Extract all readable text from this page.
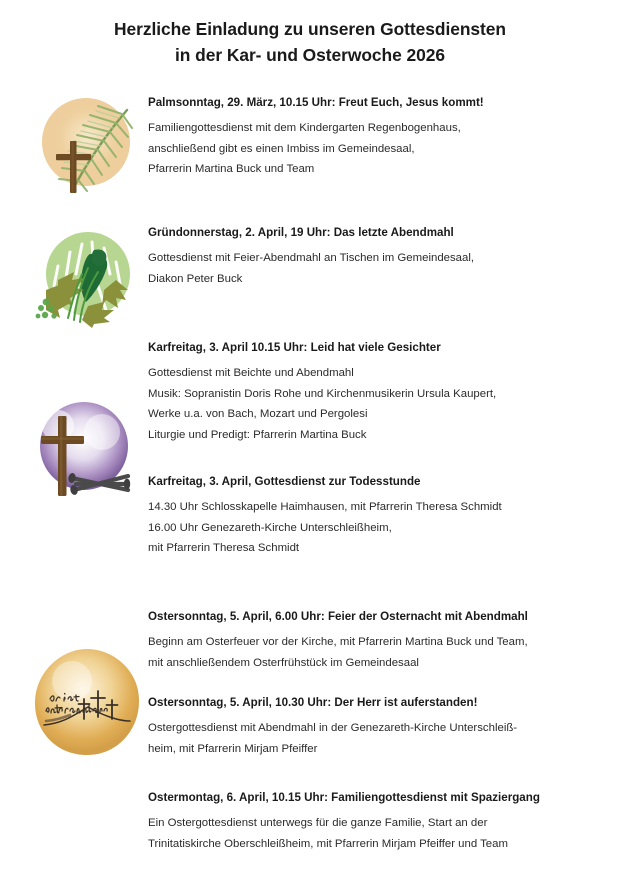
Herzliche Einladung zu unseren Gottesdiensten
in der Kar- und Osterwoche 2026

Palmsonntag, 29. März, 10.15 Uhr: Freut Euch, Jesus kommt!

Familiengottesdienst mit dem Kindergarten Regenbogenhaus,
anschließend gibt es einen Imbiss im Gemeindesaal,
Pfarrerin Martina Buck und Team

Gründonnerstag, 2. April, 19 Uhr: Das letzte Abendmahl

Gottesdienst mit Feier-Abendmahl an Tischen im Gemeindesaal,
Diakon Peter Buck

Karfreitag, 3. April 10.15 Uhr: Leid hat viele Gesichter

Gottesdienst mit Beichte und Abendmahl
Musik: Sopranistin Doris Rohe und Kirchenmusikerin Ursula Kaupert,
Werke u.a. von Bach, Mozart und Pergolesi
Liturgie und Predigt: Pfarrerin Martina Buck

Karfreitag, 3. April, Gottesdienst zur Todesstunde

14.30 Uhr Schlosskapelle Haimhausen, mit Pfarrerin Theresa Schmidt
16.00 Uhr Genezareth-Kirche Unterschleißheim,
mit Pfarrerin Theresa Schmidt

Ostersonntag, 5. April, 6.00 Uhr: Feier der Osternacht mit Abendmahl

Beginn am Osterfeuer vor der Kirche, mit Pfarrerin Martina Buck und Team,
mit anschließendem Osterfrühstück im Gemeindesaal

Ostersonntag, 5. April, 10.30 Uhr: Der Herr ist auferstanden!

Ostergottesdienst mit Abendmahl in der Genezareth-Kirche Unterschleiß-
heim, mit Pfarrerin Mirjam Pfeiffer

Ostermontag, 6. April, 10.15 Uhr: Familiengottesdienst mit Spaziergang

Ein Ostergottesdienst unterwegs für die ganze Familie, Start an der
Trinitatiskirche Oberschleißheim, mit Pfarrerin Mirjam Pfeiffer und Team
